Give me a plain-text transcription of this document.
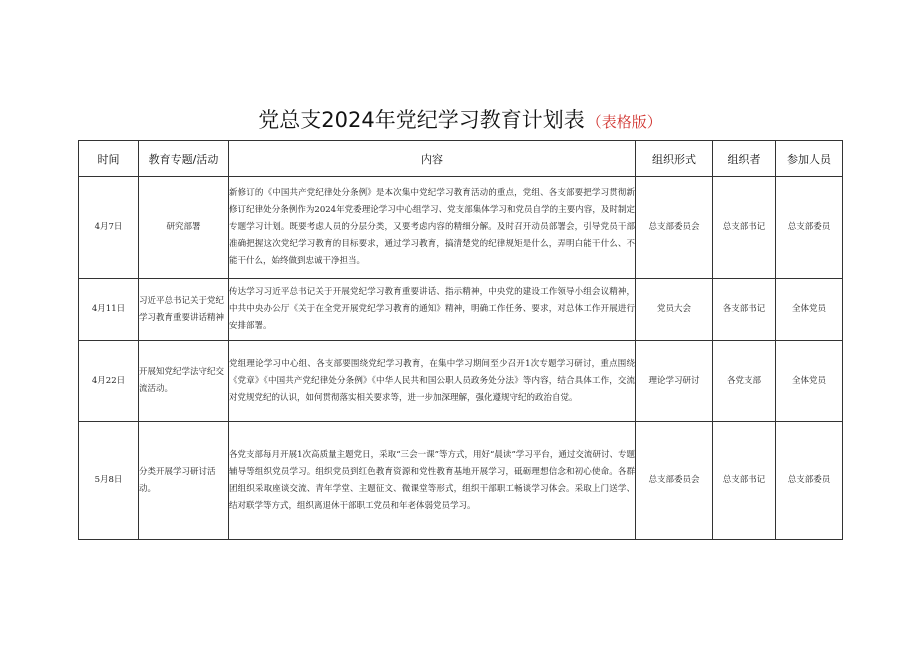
党总支2024年党纪学习教育计划表 （表格版）
时间	教育专题/活动	内容	组织形式	组织者	参加人员
4月7日	研究部署	新修订的《中国共产党纪律处分条例》是本次集中党纪学习教育活动的重点，党组、各支部要把学习贯彻新修订纪律处分条例作为2024年党委理论学习中心组学习、党支部集体学习和党员自学的主要内容，及时制定专题学习计划。既要考虑人员的分层分类，又要考虑内容的精细分解。及时召开动员部署会，引导党员干部准确把握这次党纪学习教育的目标要求，通过学习教育，搞清楚党的纪律规矩是什么，弄明白能干什么、不能干什么，始终做到忠诚干净担当。	总支部委员会	总支部书记	总支部委员
4月11日	习近平总书记关于党纪学习教育重要讲话精神	传达学习习近平总书记关于开展党纪学习教育重要讲话、指示精神，中央党的建设工作领导小组会议精神，中共中央办公厅《关于在全党开展党纪学习教育的通知》精神，明确工作任务、要求，对总体工作开展进行安排部署。	党员大会	各支部书记	全体党员
4月22日	开展知党纪学法守纪交流活动。	党组理论学习中心组、各支部要围绕党纪学习教育，在集中学习期间至少召开1次专题学习研讨，重点围绕《党章》《中国共产党纪律处分条例》《中华人民共和国公职人员政务处分法》等内容，结合具体工作，交流对党规党纪的认识，如何贯彻落实相关要求等，进一步加深理解，强化遵规守纪的政治自觉。	理论学习研讨	各党支部	全体党员
5月8日	分类开展学习研讨活动。	各党支部每月开展1次高质量主题党日，采取“三会一课”等方式，用好“晨读”学习平台，通过交流研讨、专题辅导等组织党员学习。组织党员到红色教育资源和党性教育基地开展学习，砥砺理想信念和初心使命。各群团组织采取座谈交流、青年学堂、主题征文、微课堂等形式，组织干部职工畅谈学习体会。采取上门送学、结对联学等方式，组织离退休干部职工党员和年老体弱党员学习。	总支部委员会	总支部书记	总支部委员
